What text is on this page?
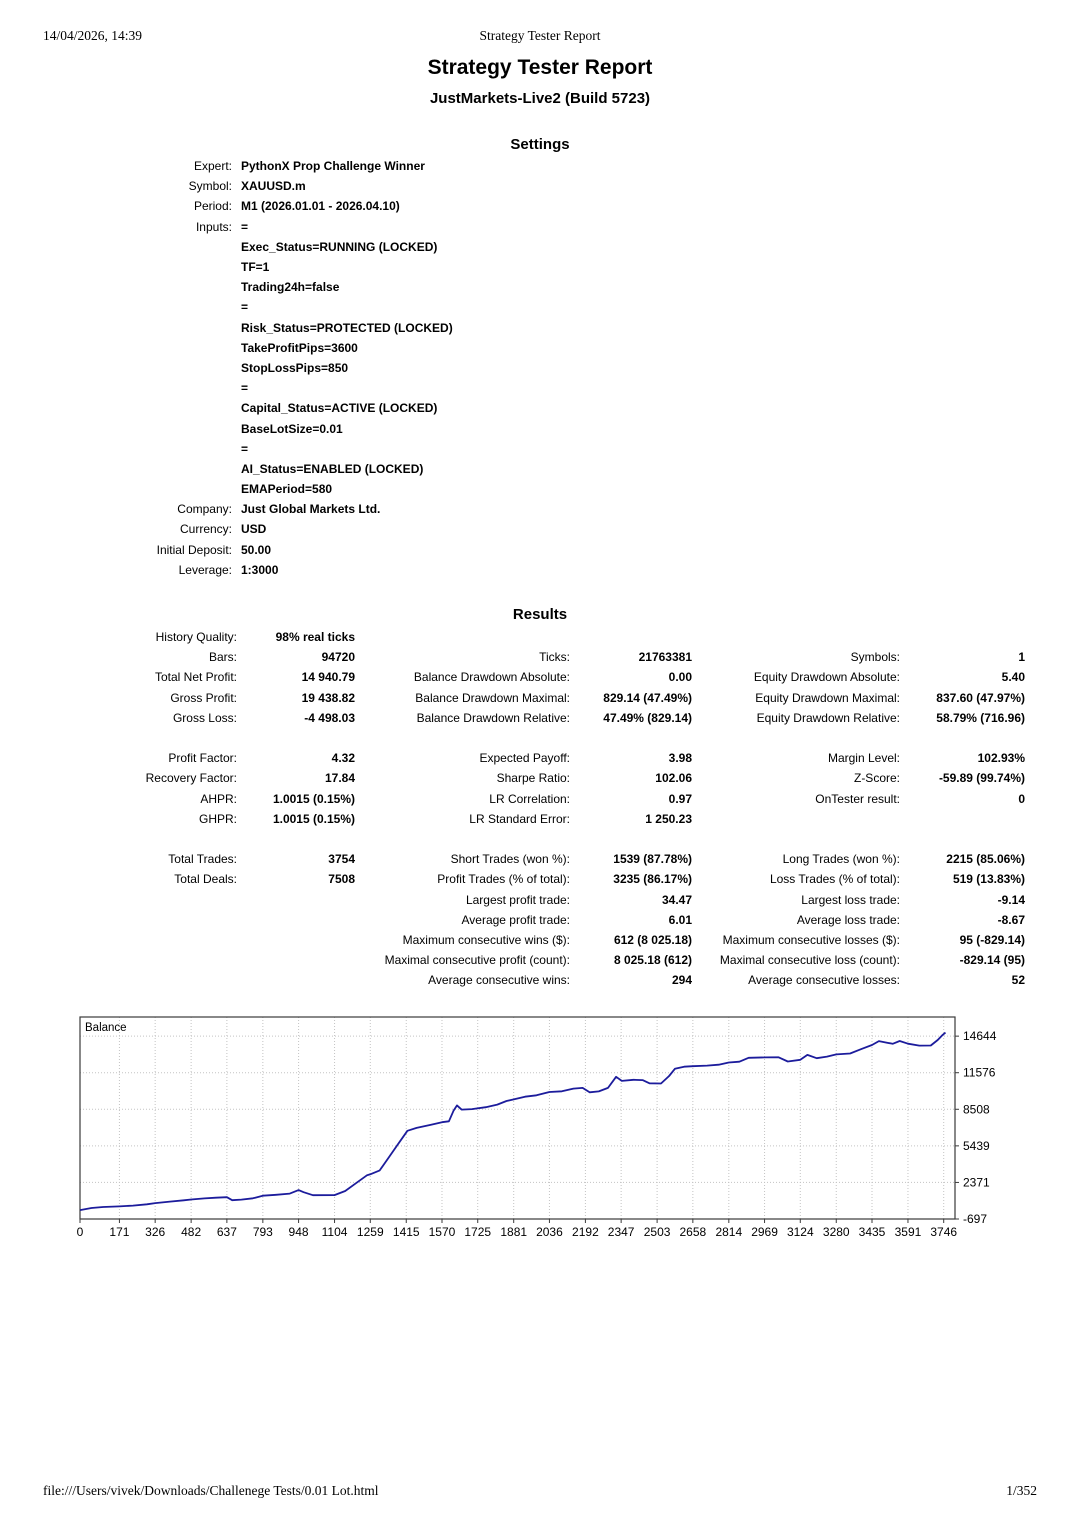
14/04/2026, 14:39	Strategy Tester Report
Strategy Tester Report
JustMarkets-Live2 (Build 5723)
Settings
Expert: PythonX Prop Challenge Winner
Symbol: XAUUSD.m
Period: M1 (2026.01.01 - 2026.04.10)
Inputs: =
Exec_Status=RUNNING (LOCKED)
TF=1
Trading24h=false
=
Risk_Status=PROTECTED (LOCKED)
TakeProfitPips=3600
StopLossPips=850
=
Capital_Status=ACTIVE (LOCKED)
BaseLotSize=0.01
=
AI_Status=ENABLED (LOCKED)
EMAPeriod=580
Company: Just Global Markets Ltd.
Currency: USD
Initial Deposit: 50.00
Leverage: 1:3000
Results
History Quality:	98% real ticks
Bars:	94720	Ticks:	21763381	Symbols:	1
Total Net Profit:	14 940.79	Balance Drawdown Absolute:	0.00	Equity Drawdown Absolute:	5.40
Gross Profit:	19 438.82	Balance Drawdown Maximal:	829.14 (47.49%)	Equity Drawdown Maximal:	837.60 (47.97%)
Gross Loss:	-4 498.03	Balance Drawdown Relative:	47.49% (829.14)	Equity Drawdown Relative:	58.79% (716.96)
Profit Factor:	4.32	Expected Payoff:	3.98	Margin Level:	102.93%
Recovery Factor:	17.84	Sharpe Ratio:	102.06	Z-Score:	-59.89 (99.74%)
AHPR:	1.0015 (0.15%)	LR Correlation:	0.97	OnTester result:	0
GHPR:	1.0015 (0.15%)	LR Standard Error:	1 250.23
Total Trades:	3754	Short Trades (won %):	1539 (87.78%)	Long Trades (won %):	2215 (85.06%)
Total Deals:	7508	Profit Trades (% of total):	3235 (86.17%)	Loss Trades (% of total):	519 (13.83%)
Largest profit trade:	34.47	Largest loss trade:	-9.14
Average profit trade:	6.01	Average loss trade:	-8.67
Maximum consecutive wins ($):	612 (8 025.18)	Maximum consecutive losses ($):	95 (-829.14)
Maximal consecutive profit (count):	8 025.18 (612)	Maximal consecutive loss (count):	-829.14 (95)
Average consecutive wins:	294	Average consecutive losses:	52
0 171 326 482 637 793 948 1104 1259 1415 1570 1725 1881 2036 2192 2347 2503 2658 2814 2969 3124 3280 3435 3591 3746
14644
11576
8508
5439
2371
-697
Balance
file:///Users/vivek/Downloads/Challenege Tests/0.01 Lot.html	1/352
